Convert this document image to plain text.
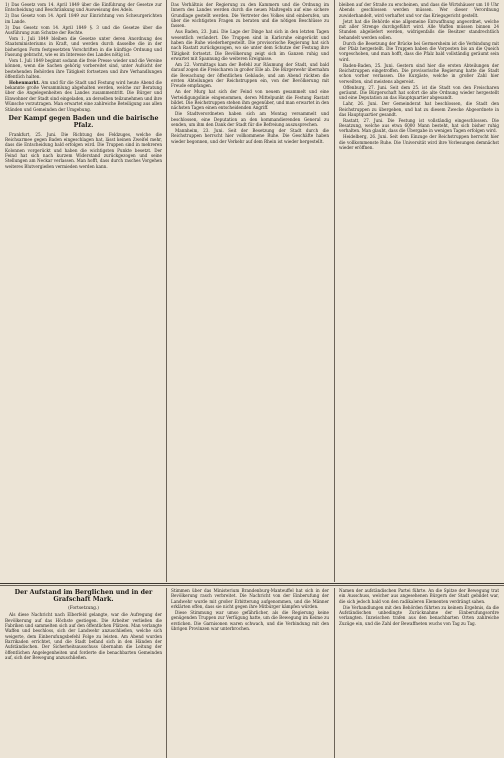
1) Das Gesetz vom 14. April 1849 über die Einführung der Gesetze zur Entscheidung und Beschränkung und Ausweisung des Adels.

2) Das Gesetz vom 14. April 1849 zur Einrichtung von Schwurgerichten im Lande.

3) Das Gesetz vom 14. April 1849 §. 3 und die Gesetze über die Ausführung zum Schutze der Rechte.

Vom 1. Juli 1849 bleiben die Gesetze unter deren Anordnung des Staatsministeriums in Kraft, und werden durch dasselbe die in der bisherigen Form festgesetzten Vorschriften in die künftige Ordnung und Fassung gebracht, wie es im Interesse des Landes nötig ist.

Vom 1. Juli 1849 beginnt sodann die freie Presse wieder und die Vereine können, wenn die Sachen gehörig vorbereitet sind, unter Aufsicht der bestehenden Behörden ihre Tätigkeit fortsetzen und ihre Verhandlungen öffentlich halten.

Hohenmarkt. Am und für die Stadt und Festung wird heute Abend die bekannte große Versammlung abgehalten werden, welche zur Beratung über die Angelegenheiten des Landes zusammentritt. Die Bürger und Einwohner der Stadt sind eingeladen, an derselben teilzunehmen und ihre Wünsche vorzutragen. Man erwartet eine zahlreiche Beteiligung aus allen Ständen und Gemeinden der Umgebung.

Der Kampf gegen Baden und die bairische Pfalz.

Frankfurt, 25. Juni. Die Richtung des Feldzuges, welche die Reichsarmee gegen Baden eingeschlagen hat, lässt keinen Zweifel mehr, dass die Entscheidung bald erfolgen wird. Die Truppen sind in mehreren Kolonnen vorgerückt und haben die wichtigsten Punkte besetzt. Der Feind hat sich nach kurzem Widerstand zurückgezogen und seine Stellungen am Neckar verlassen. Man hofft, dass durch rasches Vorgehen weiteres Blutvergießen vermieden werden kann.

Das Verhältnis der Regierung zu den Kammern und die Ordnung im Innern des Landes werden durch die neuen Maßregeln auf eine sichere Grundlage gestellt werden. Die Vertreter des Volkes sind einberufen, um über die wichtigsten Fragen zu beraten und die nötigen Beschlüsse zu fassen.

Aus Baden, 23. Juni. Die Lage der Dinge hat sich in den letzten Tagen wesentlich verändert. Die Truppen sind in Karlsruhe eingerückt und haben die Ruhe wiederhergestellt. Die provisorische Regierung hat sich nach Rastatt zurückgezogen, wo sie unter dem Schutze der Festung ihre Tätigkeit fortsetzt. Die Bevölkerung zeigt sich im Ganzen ruhig und erwartet mit Spannung die weiteren Ereignisse.

Am 22. Vormittags kam der Befehl zur Räumung der Stadt, und bald darauf zogen die Freischaren in großer Eile ab. Die Bürgerwehr übernahm die Bewachung der öffentlichen Gebäude, und am Abend rückten die ersten Abteilungen der Reichstruppen ein, von der Bevölkerung mit Freude empfangen.

An der Murg hat sich der Feind von neuem gesammelt und eine Verteidigungslinie eingenommen, deren Mittelpunkt die Festung Rastatt bildet. Die Reichstruppen stehen ihm gegenüber, und man erwartet in den nächsten Tagen einen entscheidenden Angriff.

Die Stadtverordneten haben sich am Montag versammelt und beschlossen, eine Deputation an den kommandierenden General zu senden, um ihm den Dank der Stadt für die Befreiung auszusprechen.

Mannheim, 23. Juni. Seit der Besetzung der Stadt durch die Reichstruppen herrscht hier vollkommene Ruhe. Die Geschäfte haben wieder begonnen, und der Verkehr auf dem Rhein ist wieder hergestellt.

bleiben auf der Straße zu erscheinen, und dass die Wirtshäuser um 10 Uhr Abends geschlossen werden müssen. Wer dieser Verordnung zuwiderhandelt, wird verhaftet und vor das Kriegsgericht gestellt.

Jetzt hat die Behörde eine allgemeine Entwaffnung angeordnet, welche mit aller Strenge durchgeführt wird. Alle Waffen müssen binnen 24 Stunden abgeliefert werden, widrigenfalls die Besitzer standrechtlich behandelt werden sollen.

Durch die Besetzung der Brücke bei Germersheim ist die Verbindung mit der Pfalz hergestellt. Die Truppen haben die Vorposten bis an die Queich vorgeschoben, und man hofft, dass die Pfalz bald vollständig geräumt sein wird.

Baden-Baden, 25. Juni. Gestern sind hier die ersten Abteilungen der Reichstruppen eingetroffen. Die provisorische Regierung hatte die Stadt schon vorher verlassen. Die Kurgäste, welche in großer Zahl hier verweilten, sind meistens abgereist.

Offenburg, 27. Juni. Seit dem 25. ist die Stadt von den Freischaren geräumt. Die Bürgerschaft hat sofort die alte Ordnung wieder hergestellt und eine Deputation an das Hauptquartier abgesandt.

Lahr, 26. Juni. Der Gemeinderat hat beschlossen, die Stadt den Reichstruppen zu übergeben, und hat zu diesem Zwecke Abgeordnete in das Hauptquartier gesandt.

Rastatt, 27. Juni. Die Festung ist vollständig eingeschlossen. Die Besatzung, welche aus etwa 6000 Mann besteht, hat sich bisher ruhig verhalten. Man glaubt, dass die Übergabe in wenigen Tagen erfolgen wird.

Heidelberg, 26. Juni. Seit dem Einzuge der Reichstruppen herrscht hier die vollkommenste Ruhe. Die Universität wird ihre Vorlesungen demnächst wieder eröffnen.

Der Aufstand im Berglichen und in der Grafschaft Mark.
(Fortsetzung.)

Als diese Nachricht nach Elberfeld gelangte, war die Aufregung der Bevölkerung auf das Höchste gestiegen. Die Arbeiter verließen die Fabriken und sammelten sich auf den öffentlichen Plätzen. Man verlangte Waffen und beschloss, sich der Landwehr anzuschließen, welche sich weigerte, dem Einberufungsbefehl Folge zu leisten. Am Abend wurden Barrikaden errichtet, und die Stadt befand sich in den Händen der Aufständischen. Der Sicherheitsausschuss übernahm die Leitung der öffentlichen Angelegenheiten und forderte die benachbarten Gemeinden auf, sich der Bewegung anzuschließen.

Stimmen über das Ministerium Brandenburg-Manteuffel hat sich in der Bevölkerung rasch verbreitet. Die Nachricht von der Einberufung der Landwehr wurde mit großer Erbitterung aufgenommen, und die Männer erklärten offen, dass sie nicht gegen ihre Mitbürger kämpfen würden.

Diese Stimmung war umso gefährlicher, als die Regierung keine genügenden Truppen zur Verfügung hatte, um die Bewegung im Keime zu ersticken. Die Garnisonen waren schwach, und die Verbindung mit den übrigen Provinzen war unterbrochen.

Namen der aufständischen Partei führte. An die Spitze der Bewegung trat ein Ausschuss, welcher aus angesehenen Bürgern der Stadt gebildet war, die sich jedoch bald von den radikaleren Elementen verdrängt sahen.

Die Verhandlungen mit den Behörden führten zu keinem Ergebnis, da die Aufständischen unbedingte Zurücknahme der Einberufungsordre verlangten. Inzwischen trafen aus den benachbarten Orten zahlreiche Zuzüge ein, und die Zahl der Bewaffneten wuchs von Tag zu Tag.
